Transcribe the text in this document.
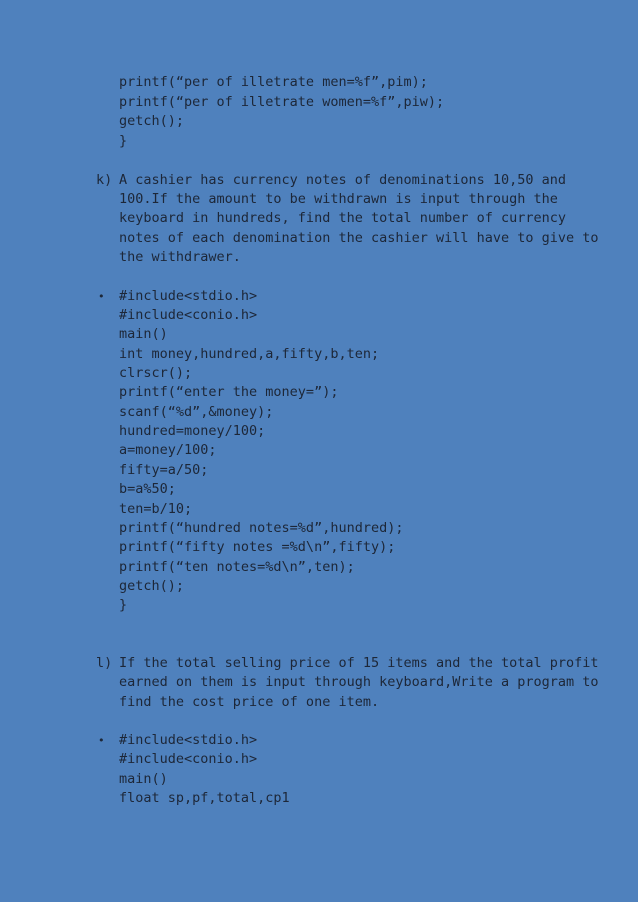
printf(“per of illetrate men=%f”,pim);
printf(“per of illetrate women=%f”,piw);
getch();
}
k) A cashier has currency notes of denominations 10,50 and
100.If the amount to be withdrawn is input through the
keyboard in hundreds, find the total number of currency
notes of each denomination the cashier will have to give to
the withdrawer.
• #include<stdio.h>
#include<conio.h>
main()
int money,hundred,a,fifty,b,ten;
clrscr();
printf(“enter the money=”);
scanf(“%d”,&money);
hundred=money/100;
a=money/100;
fifty=a/50;
b=a%50;
ten=b/10;
printf(“hundred notes=%d”,hundred);
printf(“fifty notes =%d\n”,fifty);
printf(“ten notes=%d\n”,ten);
getch();
}
l) If the total selling price of 15 items and the total profit
earned on them is input through keyboard,Write a program to
find the cost price of one item.
• #include<stdio.h>
#include<conio.h>
main()
float sp,pf,total,cp1
